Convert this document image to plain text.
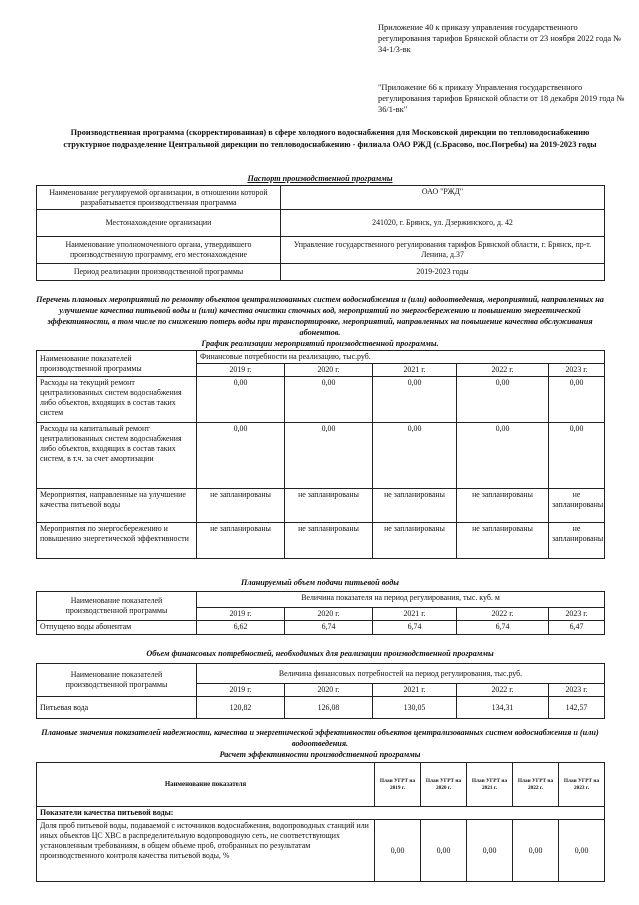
Приложение 40 к приказу управления государственного регулирования тарифов Брянской области от 23 ноября 2022 года № 34-1/3-вк
"Приложение 66 к приказу Управления государственного регулирования тарифов Брянской области от 18 декабря 2019 года № 36/1-вк"
Производственная программа (скорректированная) в сфере холодного водоснабжения для Московской дирекции по тепловодоснабжению структурное подразделение Центральной дирекции по тепловодоснабжению - филиала ОАО РЖД (с.Брасово, пос.Погребы) на 2019-2023 годы
Паспорт производственной программы
Наименование регулируемой организации, в отношении которой разрабатывается производственная программа	ОАО "РЖД"
Местонахождение организации	241020, г. Брянск, ул. Дзержинского, д. 42
Наименование уполномоченного органа, утвердившего производственную программу, его местонахождение	Управление государственного регулирования тарифов Брянской области, г. Брянск, пр-т. Ленина, д.37
Период реализации производственной программы	2019-2023 годы
Перечень плановых мероприятий по ремонту объектов централизованных систем водоснабжения и (или) водоотведения, мероприятий, направленных на улучшение качества питьевой воды и (или) качества очистки сточных вод, мероприятий по энергосбережению и повышению энергетической эффективности, в том числе по снижению потерь воды при транспортировке, мероприятий, направленных на повышение качества обслуживания абонентов.
График реализации мероприятий производственной программы.
Наименование показателей производственной программы	Финансовые потребности на реализацию, тыс.руб.				
	2019 г.	2020 г.	2021 г.	2022 г.	2023 г.
Расходы на текущий ремонт централизованных систем водоснабжения либо объектов, входящих в состав таких систем	0,00	0,00	0,00	0,00	0,00
Расходы на капитальный ремонт централизованных систем водоснабжения либо объектов, входящих в состав таких систем, в т.ч. за счет амортизации	0,00	0,00	0,00	0,00	0,00
Мероприятия, направленные на улучшение качества питьевой воды	не запланированы	не запланированы	не запланированы	не запланированы	не запланированы
Мероприятия по энергосбережению и повышению энергетической эффективности	не запланированы	не запланированы	не запланированы	не запланированы	не запланированы
Планируемый объем подачи питьевой воды
Наименование показателей производственной программы	Величина показателя на период регулирования, тыс. куб. м				
	2019 г.	2020 г.	2021 г.	2022 г.	2023 г.
Отпущено воды абонентам	6,62	6,74	6,74	6,74	6,47
Объем финансовых потребностей, необходимых для реализации производственной программы
Наименование показателей производственной программы	Величина финансовых потребностей на период регулирования, тыс.руб.				
	2019 г.	2020 г.	2021 г.	2022 г.	2023 г.
Питьевая вода	120,82	126,08	130,05	134,31	142,57
Плановые значения показателей надежности, качества и энергетической эффективности объектов централизованных систем водоснабжения и (или) водоотведения.
Расчет эффективности производственной программы
Наименование показателя	План УГРТ на 2019 г.	План УГРТ на 2020 г.	План УГРТ на 2021 г.	План УГРТ на 2022 г.	План УГРТ на 2023 г.
Показатели качества питьевой воды:					
Доля проб питьевой воды, подаваемой с источников водоснабжения, водопроводных станций или иных объектов ЦС ХВС в распределительную водопроводную сеть, не соответствующих установленным требованиям, в общем объеме проб, отобранных по результатам производственного контроля качества питьевой воды, %	0,00	0,00	0,00	0,00	0,00
